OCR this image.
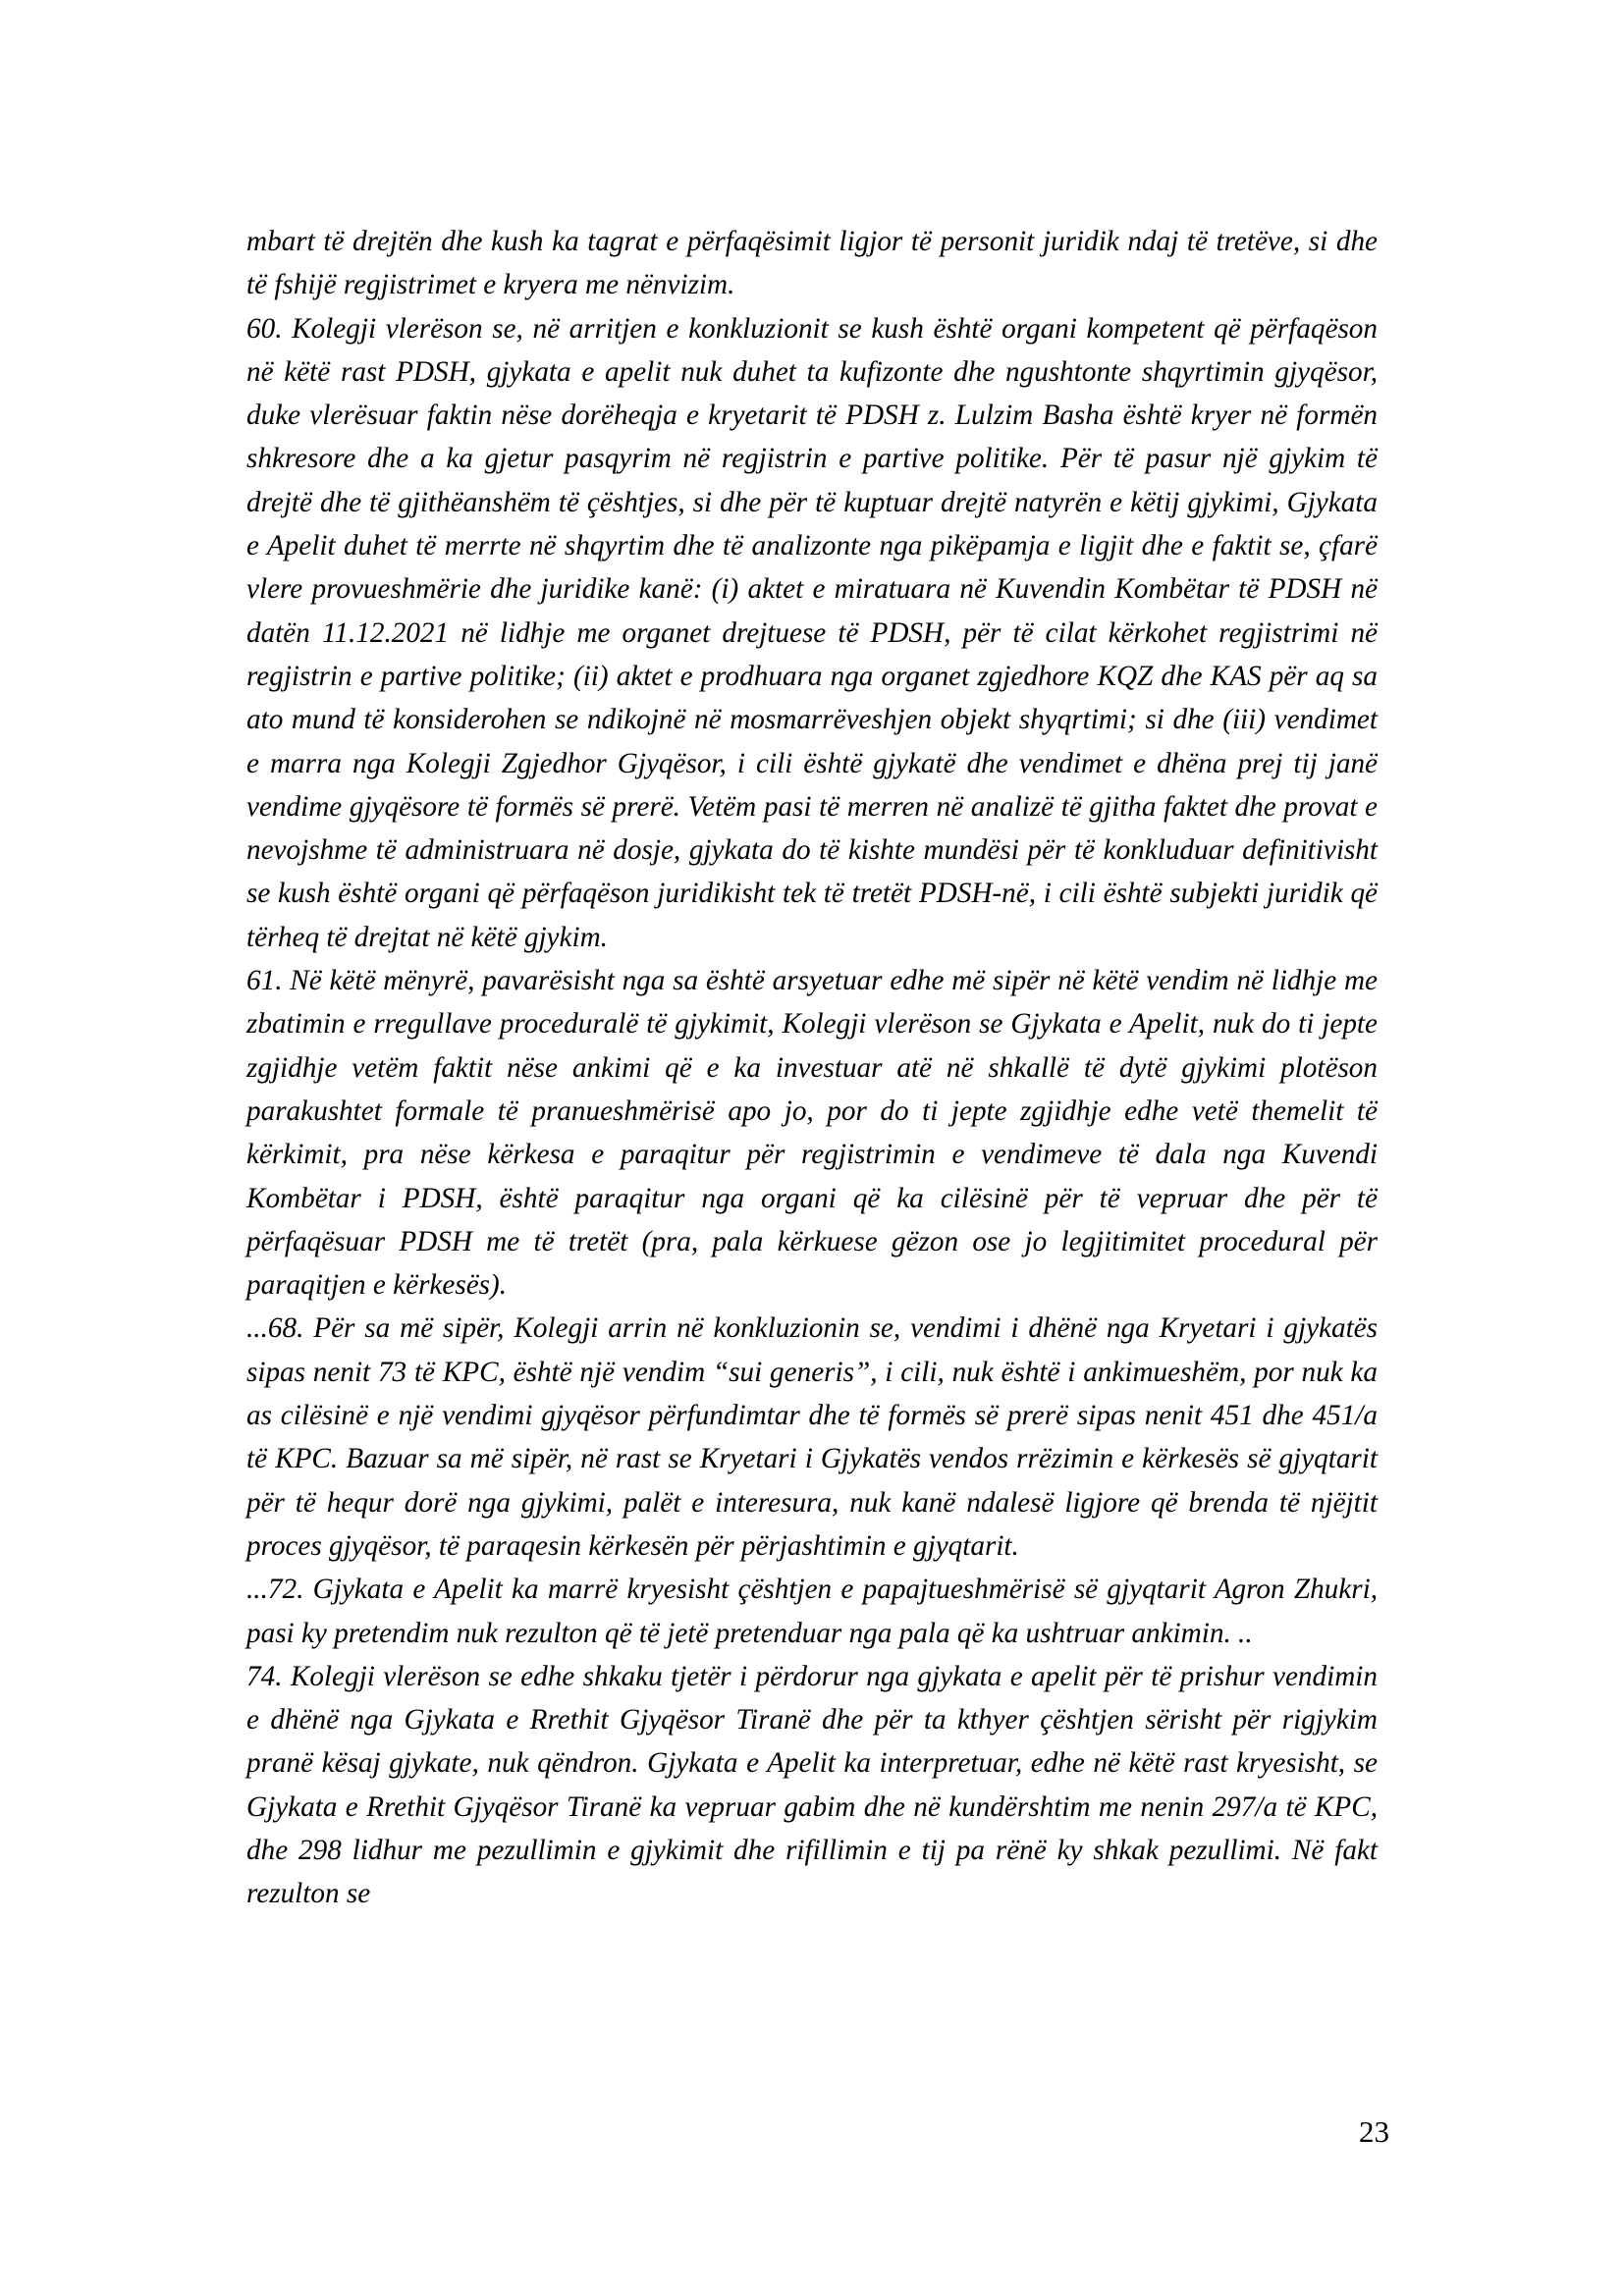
mbart të drejtën dhe kush ka tagrat e përfaqësimit ligjor të personit juridik ndaj të tretëve, si dhe të fshijë regjistrimet e kryera me nënvizim.

60. Kolegji vlerëson se, në arritjen e konkluzionit se kush është organi kompetent që përfaqëson në këtë rast PDSH, gjykata e apelit nuk duhet ta kufizonte dhe ngushtonte shqyrtimin gjyqësor, duke vlerësuar faktin nëse dorëheqja e kryetarit të PDSH z. Lulzim Basha është kryer në formën shkresore dhe a ka gjetur pasqyrim në regjistrin e partive politike. Për të pasur një gjykim të drejtë dhe të gjithëanshëm të çështjes, si dhe për të kuptuar drejtë natyrën e këtij gjykimi, Gjykata e Apelit duhet të merrte në shqyrtim dhe të analizonte nga pikëpamja e ligjit dhe e faktit se, çfarë vlere provueshmërie dhe juridike kanë: (i) aktet e miratuara në Kuvendin Kombëtar të PDSH në datën 11.12.2021 në lidhje me organet drejtuese të PDSH, për të cilat kërkohet regjistrimi në regjistrin e partive politike; (ii) aktet e prodhuara nga organet zgjedhore KQZ dhe KAS për aq sa ato mund të konsiderohen se ndikojnë në mosmarrëveshjen objekt shyqrtimi; si dhe (iii) vendimet e marra nga Kolegji Zgjedhor Gjyqësor, i cili është gjykatë dhe vendimet e dhëna prej tij janë vendime gjyqësore të formës së prerë. Vetëm pasi të merren në analizë të gjitha faktet dhe provat e nevojshme të administruara në dosje, gjykata do të kishte mundësi për të konkluduar definitivisht se kush është organi që përfaqëson juridikisht tek të tretët PDSH-në, i cili është subjekti juridik që tërheq të drejtat në këtë gjykim.

61. Në këtë mënyrë, pavarësisht nga sa është arsyetuar edhe më sipër në këtë vendim në lidhje me zbatimin e rregullave proceduralë të gjykimit, Kolegji vlerëson se Gjykata e Apelit, nuk do ti jepte zgjidhje vetëm faktit nëse ankimi që e ka investuar atë në shkallë të dytë gjykimi plotëson parakushtet formale të pranueshmërisë apo jo, por do ti jepte zgjidhje edhe vetë themelit të kërkimit, pra nëse kërkesa e paraqitur për regjistrimin e vendimeve të dala nga Kuvendi Kombëtar i PDSH, është paraqitur nga organi që ka cilësinë për të vepruar dhe për të përfaqësuar PDSH me të tretët (pra, pala kërkuese gëzon ose jo legjitimitet procedural për paraqitjen e kërkesës).

...68. Për sa më sipër, Kolegji arrin në konkluzionin se, vendimi i dhënë nga Kryetari i gjykatës sipas nenit 73 të KPC, është një vendim “sui generis”, i cili, nuk është i ankimueshëm, por nuk ka as cilësinë e një vendimi gjyqësor përfundimtar dhe të formës së prerë sipas nenit 451 dhe 451/a të KPC. Bazuar sa më sipër, në rast se Kryetari i Gjykatës vendos rrëzimin e kërkesës së gjyqtarit për të hequr dorë nga gjykimi, palët e interesura, nuk kanë ndalesë ligjore që brenda të njëjtit proces gjyqësor, të paraqesin kërkesën për përjashtimin e gjyqtarit.

...72. Gjykata e Apelit ka marrë kryesisht çështjen e papajtueshmërisë së gjyqtarit Agron Zhukri, pasi ky pretendim nuk rezulton që të jetë pretenduar nga pala që ka ushtruar ankimin. ..

74. Kolegji vlerëson se edhe shkaku tjetër i përdorur nga gjykata e apelit për të prishur vendimin e dhënë nga Gjykata e Rrethit Gjyqësor Tiranë dhe për ta kthyer çështjen sërisht për rigjykim pranë kësaj gjykate, nuk qëndron. Gjykata e Apelit ka interpretuar, edhe në këtë rast kryesisht, se Gjykata e Rrethit Gjyqësor Tiranë ka vepruar gabim dhe në kundërshtim me nenin 297/a të KPC, dhe 298 lidhur me pezullimin e gjykimit dhe rifillimin e tij pa rënë ky shkak pezullimi. Në fakt rezulton se

23
